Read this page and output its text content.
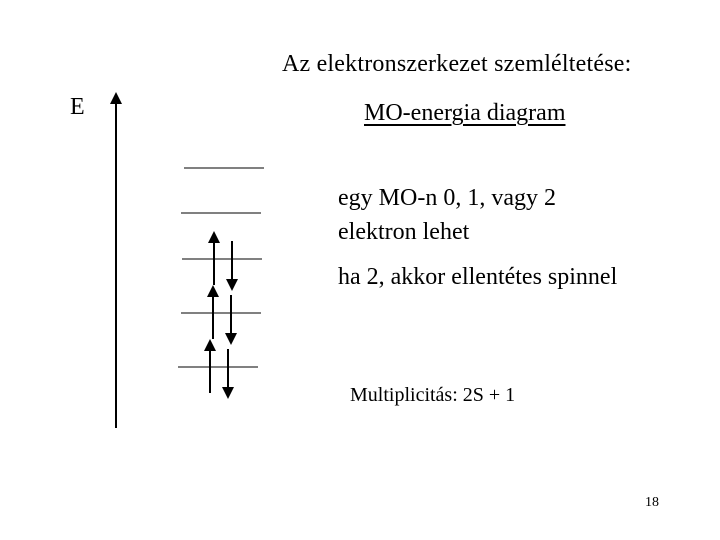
Az elektronszerkezet szemléltetése:
E	MO-energia diagram
egy MO-n 0, 1, vagy 2 elektron lehet
ha 2, akkor ellentétes spinnel
Multiplicitás: 2S + 1
18
